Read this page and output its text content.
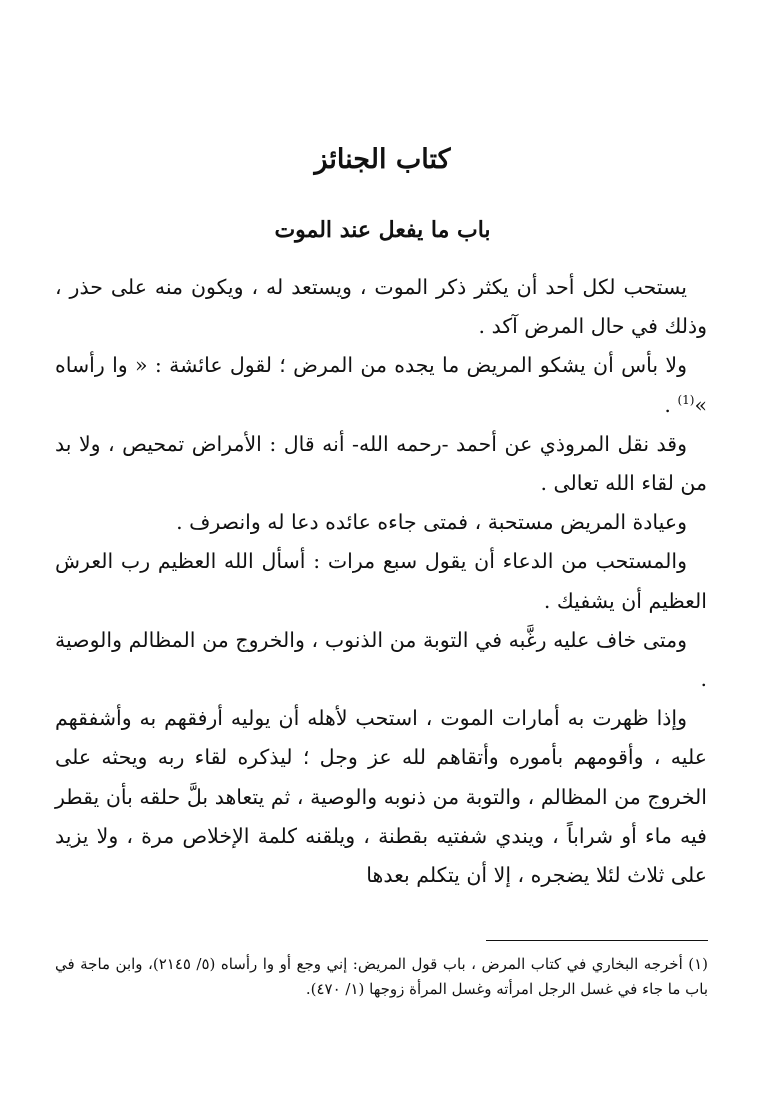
كتاب الجنائز
باب ما يفعل عند الموت

يستحب لكل أحد أن يكثر ذكر الموت ، ويستعد له ، ويكون منه على حذر ، وذلك في حال المرض آكد .

ولا بأس أن يشكو المريض ما يجده من المرض ؛ لقول عائشة : « وا رأساه »$^{(1)}$ .

وقد نقل المروذي عن أحمد -رحمه الله- أنه قال : الأمراض تمحيص ، ولا بد من لقاء الله تعالى .

وعيادة المريض مستحبة ، فمتى جاءه عائده دعا له وانصرف .

والمستحب من الدعاء أن يقول سبع مرات : أسأل الله العظيم رب العرش العظيم أن يشفيك .

ومتى خاف عليه رغَّبه في التوبة من الذنوب ، والخروج من المظالم والوصية .

وإذا ظهرت به أمارات الموت ، استحب لأهله أن يوليه أرفقهم به وأشفقهم عليه ، وأقومهم بأموره وأتقاهم لله عز وجل ؛ ليذكره لقاء ربه ويحثه على الخروج من المظالم ، والتوبة من ذنوبه والوصية ، ثم يتعاهد بلَّ حلقه بأن يقطر فيه ماء أو شراباً ، ويندي شفتيه بقطنة ، ويلقنه كلمة الإخلاص مرة ، ولا يزيد على ثلاث لئلا يضجره ، إلا أن يتكلم بعدها

(١) أخرجه البخاري في كتاب المرض ، باب قول المريض: إني وجع أو وا رأساه (٥/ ٢١٤٥)، وابن ماجة في باب ما جاء في غسل الرجل امرأته وغسل المرأة زوجها (١/ ٤٧٠).
